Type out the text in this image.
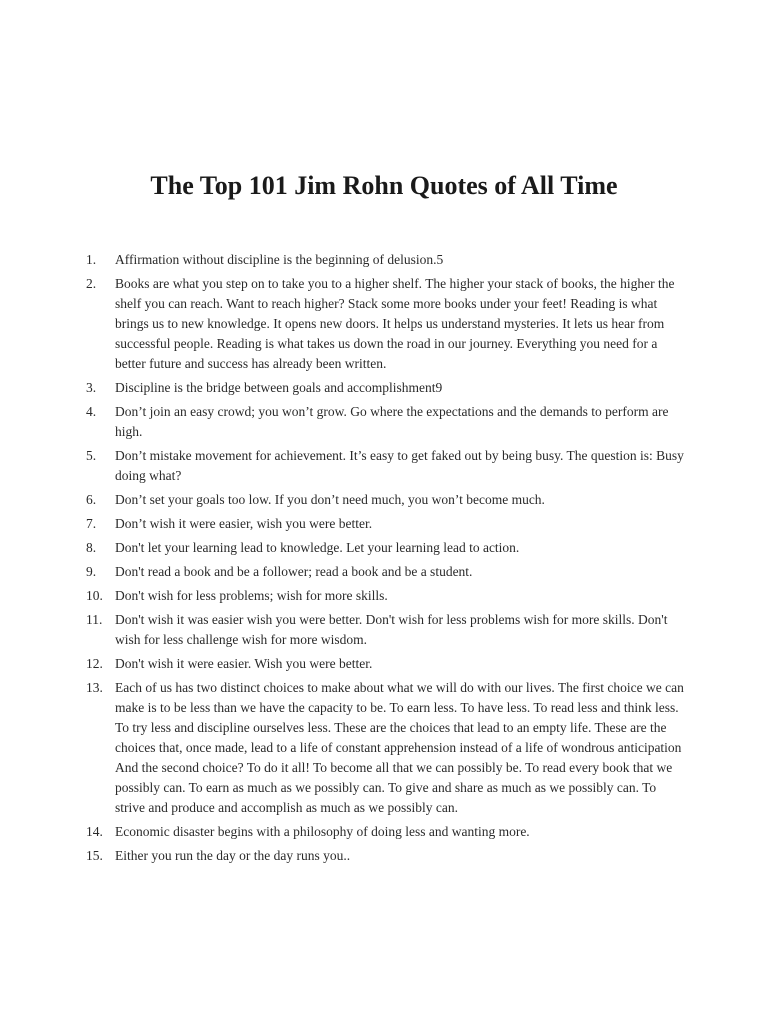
The Top 101 Jim Rohn Quotes of All Time
1.	Affirmation without discipline is the beginning of delusion.5
2.	Books are what you step on to take you to a higher shelf. The higher your stack of books, the higher the shelf you can reach. Want to reach higher? Stack some more books under your feet! Reading is what brings us to new knowledge. It opens new doors. It helps us understand mysteries. It lets us hear from successful people. Reading is what takes us down the road in our journey. Everything you need for a better future and success has already been written.
3.	Discipline is the bridge between goals and accomplishment9
4.	Don’t join an easy crowd; you won’t grow. Go where the expectations and the demands to perform are high.
5.	Don’t mistake movement for achievement. It’s easy to get faked out by being busy. The question is: Busy doing what?
6.	Don’t set your goals too low. If you don’t need much, you won’t become much.
7.	Don’t wish it were easier, wish you were better.
8.	Don't let your learning lead to knowledge. Let your learning lead to action.
9.	Don't read a book and be a follower; read a book and be a student.
10. Don't wish for less problems; wish for more skills.
11. Don't wish it was easier wish you were better. Don't wish for less problems wish for more skills. Don't wish for less challenge wish for more wisdom.
12. Don't wish it were easier. Wish you were better.
13. Each of us has two distinct choices to make about what we will do with our lives. The first choice we can make is to be less than we have the capacity to be. To earn less. To have less. To read less and think less. To try less and discipline ourselves less. These are the choices that lead to an empty life. These are the choices that, once made, lead to a life of constant apprehension instead of a life of wondrous anticipation And the second choice? To do it all! To become all that we can possibly be. To read every book that we possibly can. To earn as much as we possibly can. To give and share as much as we possibly can. To strive and produce and accomplish as much as we possibly can.
14. Economic disaster begins with a philosophy of doing less and wanting more.
15. Either you run the day or the day runs you..
